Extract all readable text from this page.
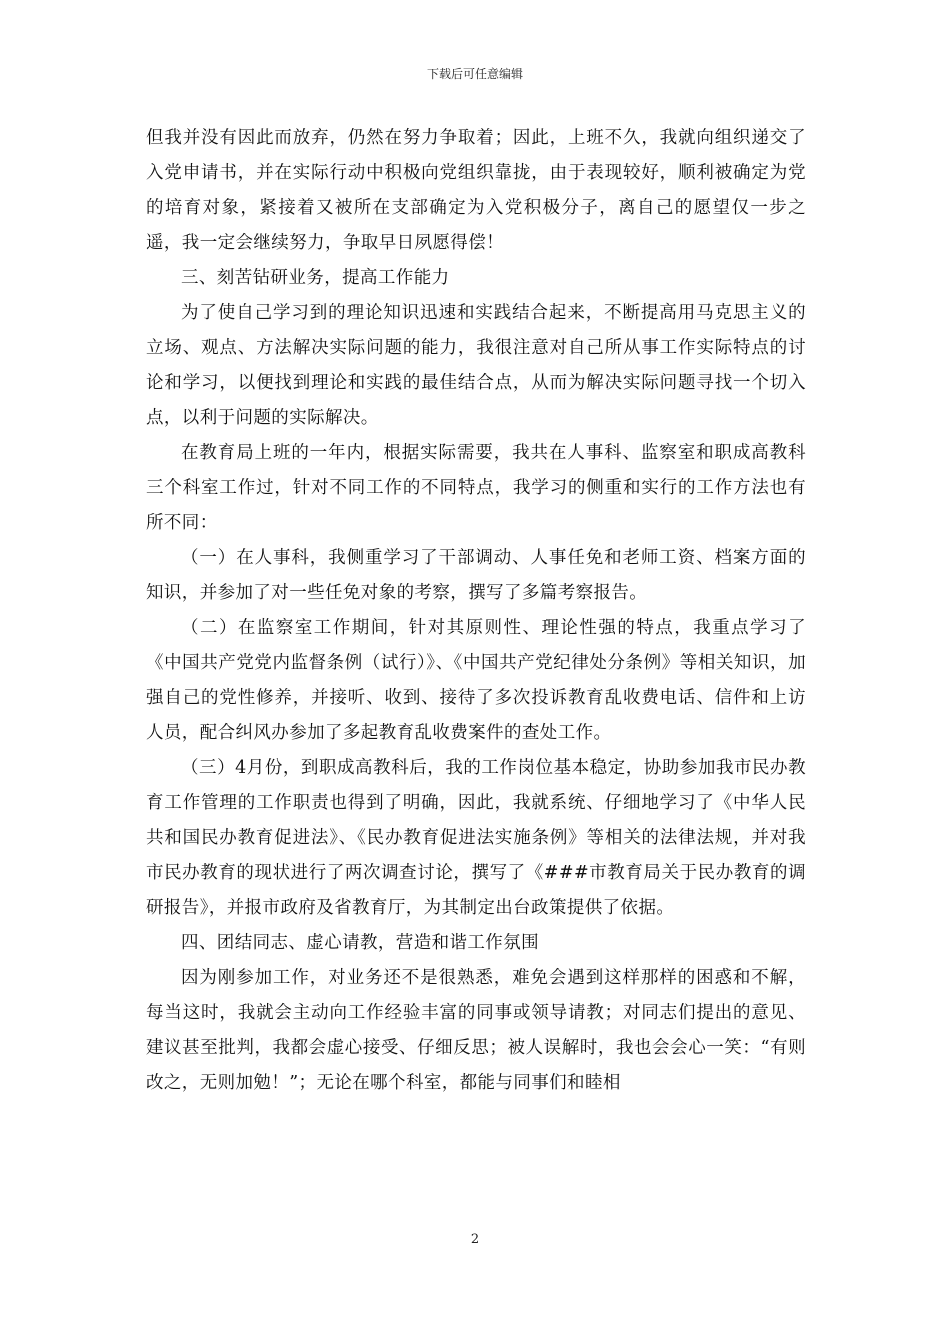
下载后可任意编辑

但我并没有因此而放弃，仍然在努力争取着；因此，上班不久，我就向组织递交了入党申请书，并在实际行动中积极向党组织靠拢，由于表现较好，顺利被确定为党的培育对象，紧接着又被所在支部确定为入党积极分子，离自己的愿望仅一步之遥，我一定会继续努力，争取早日夙愿得偿！

三、刻苦钻研业务，提高工作能力

为了使自己学习到的理论知识迅速和实践结合起来，不断提高用马克思主义的立场、观点、方法解决实际问题的能力，我很注意对自己所从事工作实际特点的讨论和学习，以便找到理论和实践的最佳结合点，从而为解决实际问题寻找一个切入点，以利于问题的实际解决。

在教育局上班的一年内，根据实际需要，我共在人事科、监察室和职成高教科三个科室工作过，针对不同工作的不同特点，我学习的侧重和实行的工作方法也有所不同：

（一）在人事科，我侧重学习了干部调动、人事任免和老师工资、档案方面的知识，并参加了对一些任免对象的考察，撰写了多篇考察报告。

（二）在监察室工作期间，针对其原则性、理论性强的特点，我重点学习了《中国共产党党内监督条例（试行）》、《中国共产党纪律处分条例》等相关知识，加强自己的党性修养，并接听、收到、接待了多次投诉教育乱收费电话、信件和上访人员，配合纠风办参加了多起教育乱收费案件的查处工作。

（三）4月份，到职成高教科后，我的工作岗位基本稳定，协助参加我市民办教育工作管理的工作职责也得到了明确，因此，我就系统、仔细地学习了《中华人民共和国民办教育促进法》、《民办教育促进法实施条例》等相关的法律法规，并对我市民办教育的现状进行了两次调查讨论，撰写了《###市教育局关于民办教育的调研报告》，并报市政府及省教育厅，为其制定出台政策提供了依据。

四、团结同志、虚心请教，营造和谐工作氛围

因为刚参加工作，对业务还不是很熟悉，难免会遇到这样那样的困惑和不解，每当这时，我就会主动向工作经验丰富的同事或领导请教；对同志们提出的意见、建议甚至批判，我都会虚心接受、仔细反思；被人误解时，我也会会心一笑：“有则改之，无则加勉！”；无论在哪个科室，都能与同事们和睦相

2
